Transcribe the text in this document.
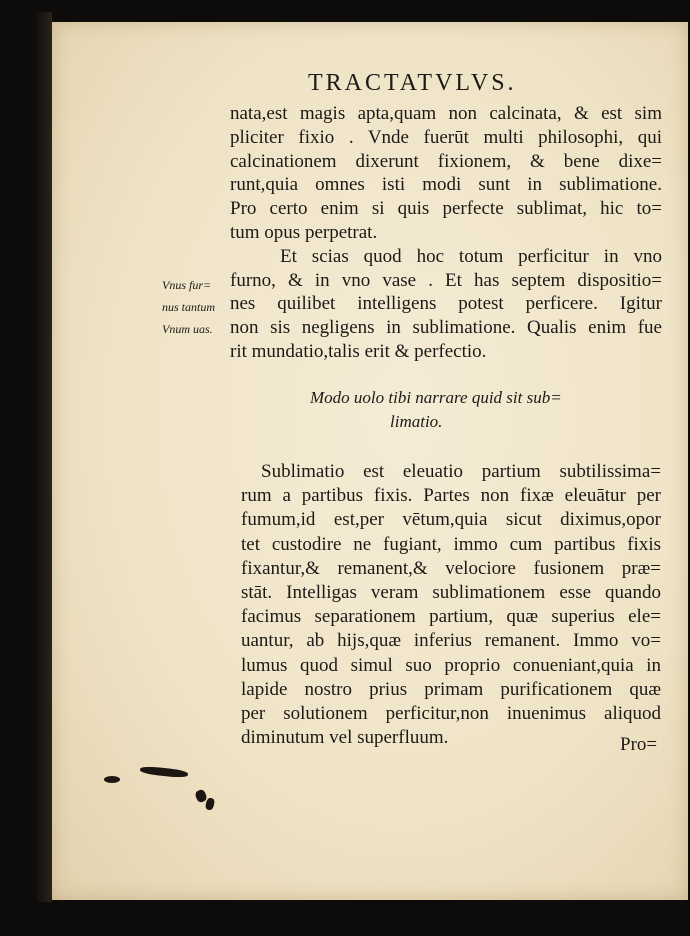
TRACTATVLVS.
nata,est magis apta,quam non calcinata, & est sim
pliciter fixio . Vnde fuerūt multi philosophi, qui
calcinationem dixerunt fixionem, & bene dixe=
runt,quia omnes isti modi sunt in sublimatione.
Pro certo enim si quis perfecte sublimat, hic to=
tum opus perpetrat.
Et scias quod hoc totum perficitur in vno
furno, & in vno vase . Et has septem dispositio=
nes quilibet intelligens potest perficere. Igitur
non sis negligens in sublimatione. Qualis enim fue
rit mundatio,talis erit & perfectio.
Vnus fur=
nus tantum
Vnum uas.
Modo uolo tibi narrare quid sit sub=
limatio.
Sublimatio est eleuatio partium subtilissima=
rum a partibus fixis. Partes non fixæ eleuātur per
fumum,id est,per vētum,quia sicut diximus,opor
tet custodire ne fugiant, immo cum partibus fixis
fixantur,& remanent,& velociore fusionem præ=
stāt. Intelligas veram sublimationem esse quando
facimus separationem partium, quæ superius ele=
uantur, ab hijs,quæ inferius remanent. Immo vo=
lumus quod simul suo proprio conueniant,quia in
lapide nostro prius primam purificationem quæ
per solutionem perficitur,non inuenimus aliquod
diminutum vel superfluum.	Pro=
